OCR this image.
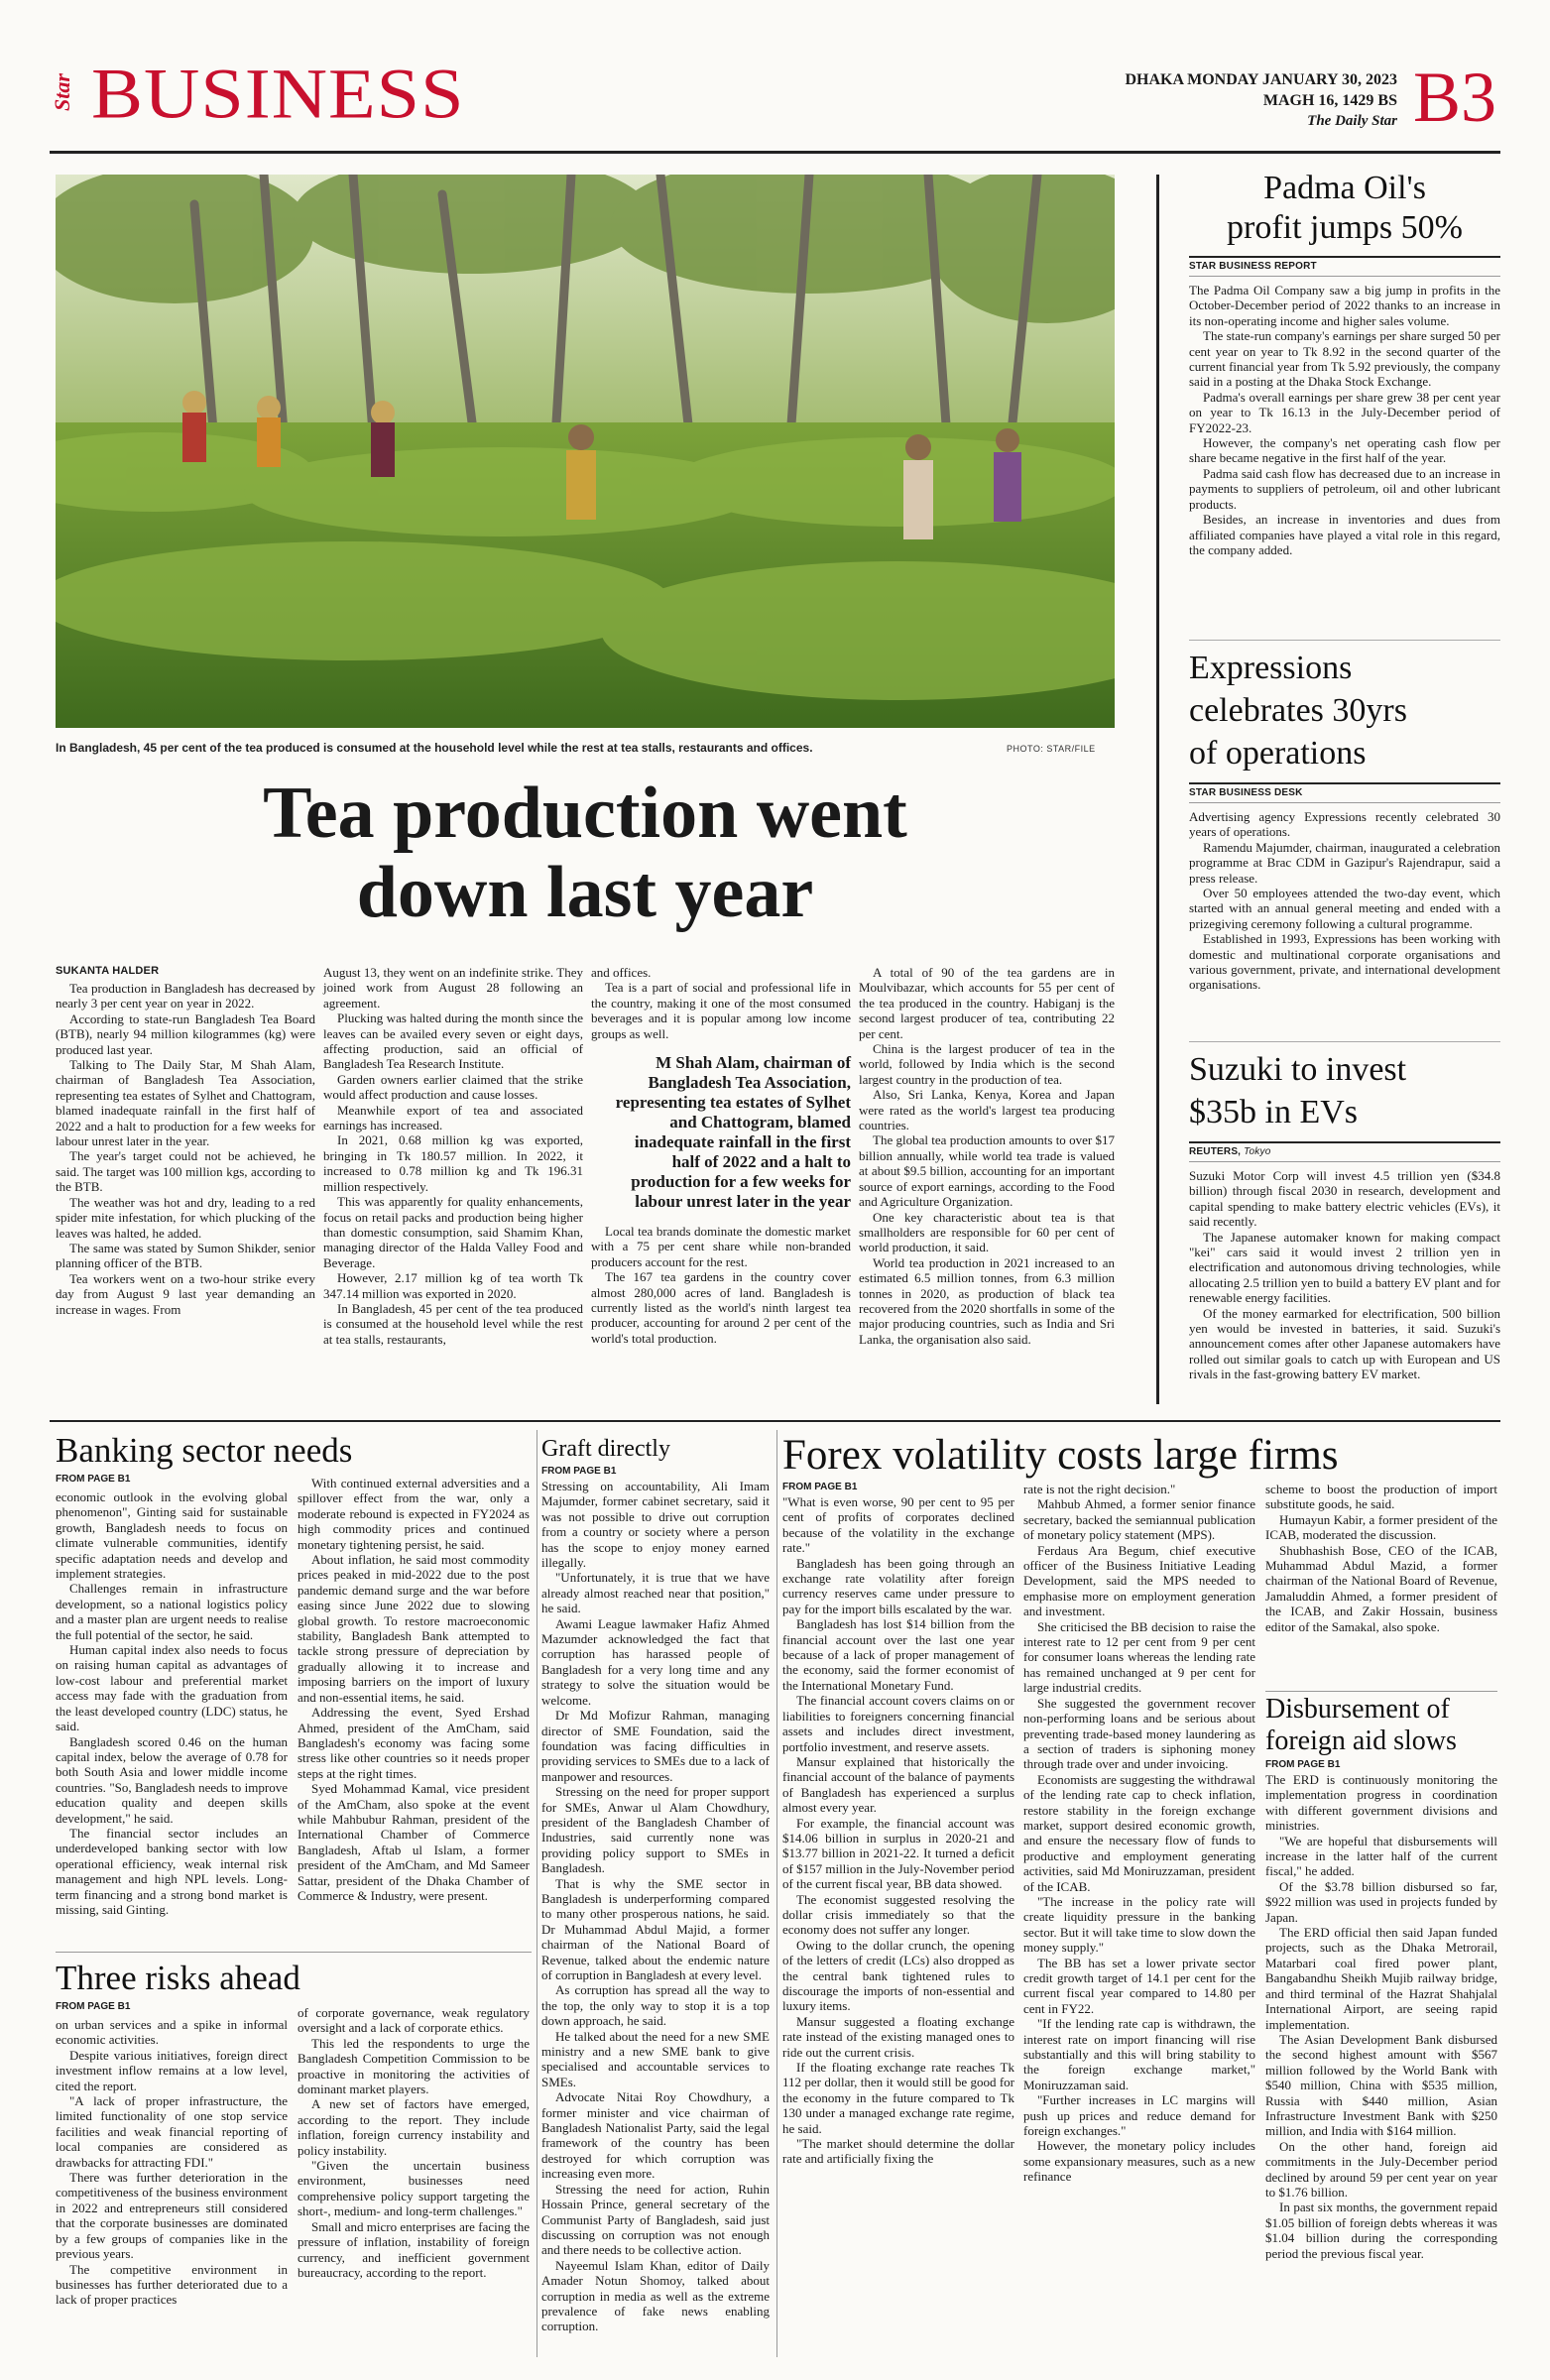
Star BUSINESS	DHAKA MONDAY JANUARY 30, 2023
MAGH 16, 1429 BS
The Daily Star B3
In Bangladesh, 45 per cent of the tea produced is consumed at the household level while the rest at tea stalls, restaurants and offices.	PHOTO: STAR/FILE
Tea production went
down last year
SUKANTA HALDER

Tea production in Bangladesh has decreased by nearly 3 per cent year on year in 2022.

According to state-run Bangladesh Tea Board (BTB), nearly 94 million kilogrammes (kg) were produced last year.

Talking to The Daily Star, M Shah Alam, chairman of Bangladesh Tea Association, representing tea estates of Sylhet and Chattogram, blamed inadequate rainfall in the first half of 2022 and a halt to production for a few weeks for labour unrest later in the year.

The year's target could not be achieved, he said. The target was 100 million kgs, according to the BTB.

The weather was hot and dry, leading to a red spider mite infestation, for which plucking of the leaves was halted, he added.

The same was stated by Sumon Shikder, senior planning officer of the BTB.

Tea workers went on a two-hour strike every day from August 9 last year demanding an increase in wages. From

August 13, they went on an indefinite strike. They joined work from August 28 following an agreement.

Plucking was halted during the month since the leaves can be availed every seven or eight days, affecting production, said an official of Bangladesh Tea Research Institute.

Garden owners earlier claimed that the strike would affect production and cause losses.

Meanwhile export of tea and associated earnings has increased.

In 2021, 0.68 million kg was exported, bringing in Tk 180.57 million. In 2022, it increased to 0.78 million kg and Tk 196.31 million respectively.

This was apparently for quality enhancements, focus on retail packs and production being higher than domestic consumption, said Shamim Khan, managing director of the Halda Valley Food and Beverage.

However, 2.17 million kg of tea worth Tk 347.14 million was exported in 2020.

In Bangladesh, 45 per cent of the tea produced is consumed at the household level while the rest at tea stalls, restaurants,

and offices.

Tea is a part of social and professional life in the country, making it one of the most consumed beverages and it is popular among low income groups as well.

M Shah Alam, chairman of Bangladesh Tea Association, representing tea estates of Sylhet and Chattogram, blamed inadequate rainfall in the first half of 2022 and a halt to production for a few weeks for labour unrest later in the year

Local tea brands dominate the domestic market with a 75 per cent share while non-branded producers account for the rest.

The 167 tea gardens in the country cover almost 280,000 acres of land. Bangladesh is currently listed as the world's ninth largest tea producer, accounting for around 2 per cent of the world's total production.

A total of 90 of the tea gardens are in Moulvibazar, which accounts for 55 per cent of the tea produced in the country. Habiganj is the second largest producer of tea, contributing 22 per cent.

China is the largest producer of tea in the world, followed by India which is the second largest country in the production of tea.

Also, Sri Lanka, Kenya, Korea and Japan were rated as the world's largest tea producing countries.

The global tea production amounts to over $17 billion annually, while world tea trade is valued at about $9.5 billion, accounting for an important source of export earnings, according to the Food and Agriculture Organization.

One key characteristic about tea is that smallholders are responsible for 60 per cent of world production, it said.

World tea production in 2021 increased to an estimated 6.5 million tonnes, from 6.3 million tonnes in 2020, as production of black tea recovered from the 2020 shortfalls in some of the major producing countries, such as India and Sri Lanka, the organisation also said.

Padma Oil's
profit jumps 50%
STAR BUSINESS REPORT

The Padma Oil Company saw a big jump in profits in the October-December period of 2022 thanks to an increase in its non-operating income and higher sales volume.

The state-run company's earnings per share surged 50 per cent year on year to Tk 8.92 in the second quarter of the current financial year from Tk 5.92 previously, the company said in a posting at the Dhaka Stock Exchange.

Padma's overall earnings per share grew 38 per cent year on year to Tk 16.13 in the July-December period of FY2022-23.

However, the company's net operating cash flow per share became negative in the first half of the year.

Padma said cash flow has decreased due to an increase in payments to suppliers of petroleum, oil and other lubricant products.

Besides, an increase in inventories and dues from affiliated companies have played a vital role in this regard, the company added.

Expressions
celebrates 30yrs
of operations
STAR BUSINESS DESK

Advertising agency Expressions recently celebrated 30 years of operations.

Ramendu Majumder, chairman, inaugurated a celebration programme at Brac CDM in Gazipur's Rajendrapur, said a press release.

Over 50 employees attended the two-day event, which started with an annual general meeting and ended with a prizegiving ceremony following a cultural programme.

Established in 1993, Expressions has been working with domestic and multinational corporate organisations and various government, private, and international development organisations.

Suzuki to invest
$35b in EVs
REUTERS, Tokyo

Suzuki Motor Corp will invest 4.5 trillion yen ($34.8 billion) through fiscal 2030 in research, development and capital spending to make battery electric vehicles (EVs), it said recently.

The Japanese automaker known for making compact "kei" cars said it would invest 2 trillion yen in electrification and autonomous driving technologies, while allocating 2.5 trillion yen to build a battery EV plant and for renewable energy facilities.

Of the money earmarked for electrification, 500 billion yen would be invested in batteries, it said. Suzuki's announcement comes after other Japanese automakers have rolled out similar goals to catch up with European and US rivals in the fast-growing battery EV market.

Banking sector needs
FROM PAGE B1

economic outlook in the evolving global phenomenon", Ginting said for sustainable growth, Bangladesh needs to focus on climate vulnerable communities, identify specific adaptation needs and develop and implement strategies.

Challenges remain in infrastructure development, so a national logistics policy and a master plan are urgent needs to realise the full potential of the sector, he said.

Human capital index also needs to focus on raising human capital as advantages of low-cost labour and preferential market access may fade with the graduation from the least developed country (LDC) status, he said.

Bangladesh scored 0.46 on the human capital index, below the average of 0.78 for both South Asia and lower middle income countries. "So, Bangladesh needs to improve education quality and deepen skills development," he said.

The financial sector includes an underdeveloped banking sector with low operational efficiency, weak internal risk management and high NPL levels. Long-term financing and a strong bond market is missing, said Ginting.

With continued external adversities and a spillover effect from the war, only a moderate rebound is expected in FY2024 as high commodity prices and continued monetary tightening persist, he said.

About inflation, he said most commodity prices peaked in mid-2022 due to the post pandemic demand surge and the war before easing since June 2022 due to slowing global growth. To restore macroeconomic stability, Bangladesh Bank attempted to tackle strong pressure of depreciation by gradually allowing it to increase and imposing barriers on the import of luxury and non-essential items, he said.

Addressing the event, Syed Ershad Ahmed, president of the AmCham, said Bangladesh's economy was facing some stress like other countries so it needs proper steps at the right times.

Syed Mohammad Kamal, vice president of the AmCham, also spoke at the event while Mahbubur Rahman, president of the International Chamber of Commerce Bangladesh, Aftab ul Islam, a former president of the AmCham, and Md Sameer Sattar, president of the Dhaka Chamber of Commerce & Industry, were present.

Three risks ahead
FROM PAGE B1

on urban services and a spike in informal economic activities.

Despite various initiatives, foreign direct investment inflow remains at a low level, cited the report.

"A lack of proper infrastructure, the limited functionality of one stop service facilities and weak financial reporting of local companies are considered as drawbacks for attracting FDI."

There was further deterioration in the competitiveness of the business environment in 2022 and entrepreneurs still considered that the corporate businesses are dominated by a few groups of companies like in the previous years.

The competitive environment in businesses has further deteriorated due to a lack of proper practices

of corporate governance, weak regulatory oversight and a lack of corporate ethics.

This led the respondents to urge the Bangladesh Competition Commission to be proactive in monitoring the activities of dominant market players.

A new set of factors have emerged, according to the report. They include inflation, foreign currency instability and policy instability.

"Given the uncertain business environment, businesses need comprehensive policy support targeting the short-, medium- and long-term challenges."

Small and micro enterprises are facing the pressure of inflation, instability of foreign currency, and inefficient government bureaucracy, according to the report.

Graft directly
FROM PAGE B1

Stressing on accountability, Ali Imam Majumder, former cabinet secretary, said it was not possible to drive out corruption from a country or society where a person has the scope to enjoy money earned illegally.

"Unfortunately, it is true that we have already almost reached near that position," he said.

Awami League lawmaker Hafiz Ahmed Mazumder acknowledged the fact that corruption has harassed people of Bangladesh for a very long time and any strategy to solve the situation would be welcome.

Dr Md Mofizur Rahman, managing director of SME Foundation, said the foundation was facing difficulties in providing services to SMEs due to a lack of manpower and resources.

Stressing on the need for proper support for SMEs, Anwar ul Alam Chowdhury, president of the Bangladesh Chamber of Industries, said currently none was providing policy support to SMEs in Bangladesh.

That is why the SME sector in Bangladesh is underperforming compared to many other prosperous nations, he said. Dr Muhammad Abdul Majid, a former chairman of the National Board of Revenue, talked about the endemic nature of corruption in Bangladesh at every level.

As corruption has spread all the way to the top, the only way to stop it is a top down approach, he said.

He talked about the need for a new SME ministry and a new SME bank to give specialised and accountable services to SMEs.

Advocate Nitai Roy Chowdhury, a former minister and vice chairman of Bangladesh Nationalist Party, said the legal framework of the country has been destroyed for which corruption was increasing even more.

Stressing the need for action, Ruhin Hossain Prince, general secretary of the Communist Party of Bangladesh, said just discussing on corruption was not enough and there needs to be collective action.

Nayeemul Islam Khan, editor of Daily Amader Notun Shomoy, talked about corruption in media as well as the extreme prevalence of fake news enabling corruption.

Forex volatility costs large firms
FROM PAGE B1

"What is even worse, 90 per cent to 95 per cent of profits of corporates declined because of the volatility in the exchange rate."

Bangladesh has been going through an exchange rate volatility after foreign currency reserves came under pressure to pay for the import bills escalated by the war.

Bangladesh has lost $14 billion from the financial account over the last one year because of a lack of proper management of the economy, said the former economist of the International Monetary Fund.

The financial account covers claims on or liabilities to foreigners concerning financial assets and includes direct investment, portfolio investment, and reserve assets.

Mansur explained that historically the financial account of the balance of payments of Bangladesh has experienced a surplus almost every year.

For example, the financial account was $14.06 billion in surplus in 2020-21 and $13.77 billion in 2021-22. It turned a deficit of $157 million in the July-November period of the current fiscal year, BB data showed.

The economist suggested resolving the dollar crisis immediately so that the economy does not suffer any longer.

Owing to the dollar crunch, the opening of the letters of credit (LCs) also dropped as the central bank tightened rules to discourage the imports of non-essential and luxury items.

Mansur suggested a floating exchange rate instead of the existing managed ones to ride out the current crisis.

If the floating exchange rate reaches Tk 112 per dollar, then it would still be good for the economy in the future compared to Tk 130 under a managed exchange rate regime, he said.

"The market should determine the dollar rate and artificially fixing the

rate is not the right decision."

Mahbub Ahmed, a former senior finance secretary, backed the semiannual publication of monetary policy statement (MPS).

Ferdaus Ara Begum, chief executive officer of the Business Initiative Leading Development, said the MPS needed to emphasise more on employment generation and investment.

She criticised the BB decision to raise the interest rate to 12 per cent from 9 per cent for consumer loans whereas the lending rate has remained unchanged at 9 per cent for large industrial credits.

She suggested the government recover non-performing loans and be serious about preventing trade-based money laundering as a section of traders is siphoning money through trade over and under invoicing.

Economists are suggesting the withdrawal of the lending rate cap to check inflation, restore stability in the foreign exchange market, support desired economic growth, and ensure the necessary flow of funds to productive and employment generating activities, said Md Moniruzzaman, president of the ICAB.

"The increase in the policy rate will create liquidity pressure in the banking sector. But it will take time to slow down the money supply."

The BB has set a lower private sector credit growth target of 14.1 per cent for the current fiscal year compared to 14.80 per cent in FY22.

"If the lending rate cap is withdrawn, the interest rate on import financing will rise substantially and this will bring stability to the foreign exchange market," Moniruzzaman said.

"Further increases in LC margins will push up prices and reduce demand for foreign exchanges."

However, the monetary policy includes some expansionary measures, such as a new refinance

scheme to boost the production of import substitute goods, he said.

Humayun Kabir, a former president of the ICAB, moderated the discussion.

Shubhashish Bose, CEO of the ICAB, Muhammad Abdul Mazid, a former chairman of the National Board of Revenue, Jamaluddin Ahmed, a former president of the ICAB, and Zakir Hossain, business editor of the Samakal, also spoke.

Disbursement of
foreign aid slows
FROM PAGE B1

The ERD is continuously monitoring the implementation progress in coordination with different government divisions and ministries.

"We are hopeful that disbursements will increase in the latter half of the current fiscal," he added.

Of the $3.78 billion disbursed so far, $922 million was used in projects funded by Japan.

The ERD official then said Japan funded projects, such as the Dhaka Metrorail, Matarbari coal fired power plant, Bangabandhu Sheikh Mujib railway bridge, and third terminal of the Hazrat Shahjalal International Airport, are seeing rapid implementation.

The Asian Development Bank disbursed the second highest amount with $567 million followed by the World Bank with $540 million, China with $535 million, Russia with $440 million, Asian Infrastructure Investment Bank with $250 million, and India with $164 million.

On the other hand, foreign aid commitments in the July-December period declined by around 59 per cent year on year to $1.76 billion.

In past six months, the government repaid $1.05 billion of foreign debts whereas it was $1.04 billion during the corresponding period the previous fiscal year.
